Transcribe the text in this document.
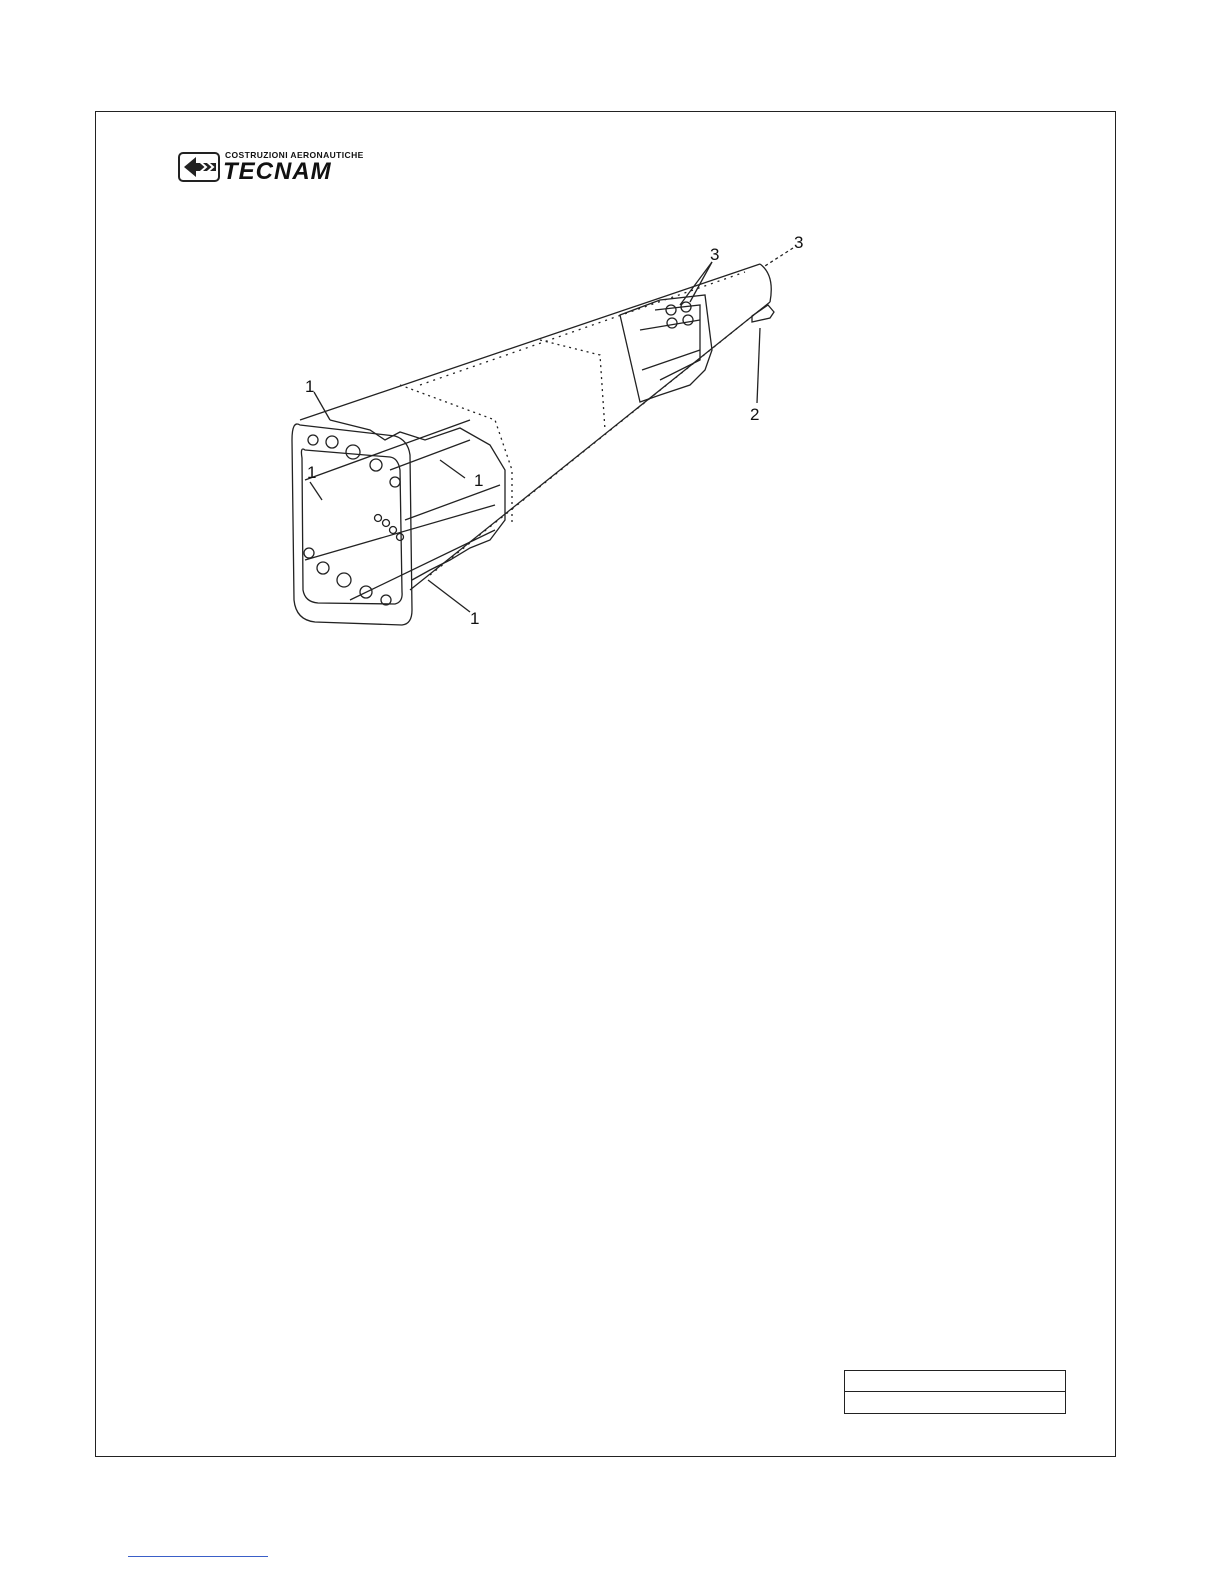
COSTRUZIONI AERONAUTICHE
TECNAM
1
1	1
1
2
3
3
